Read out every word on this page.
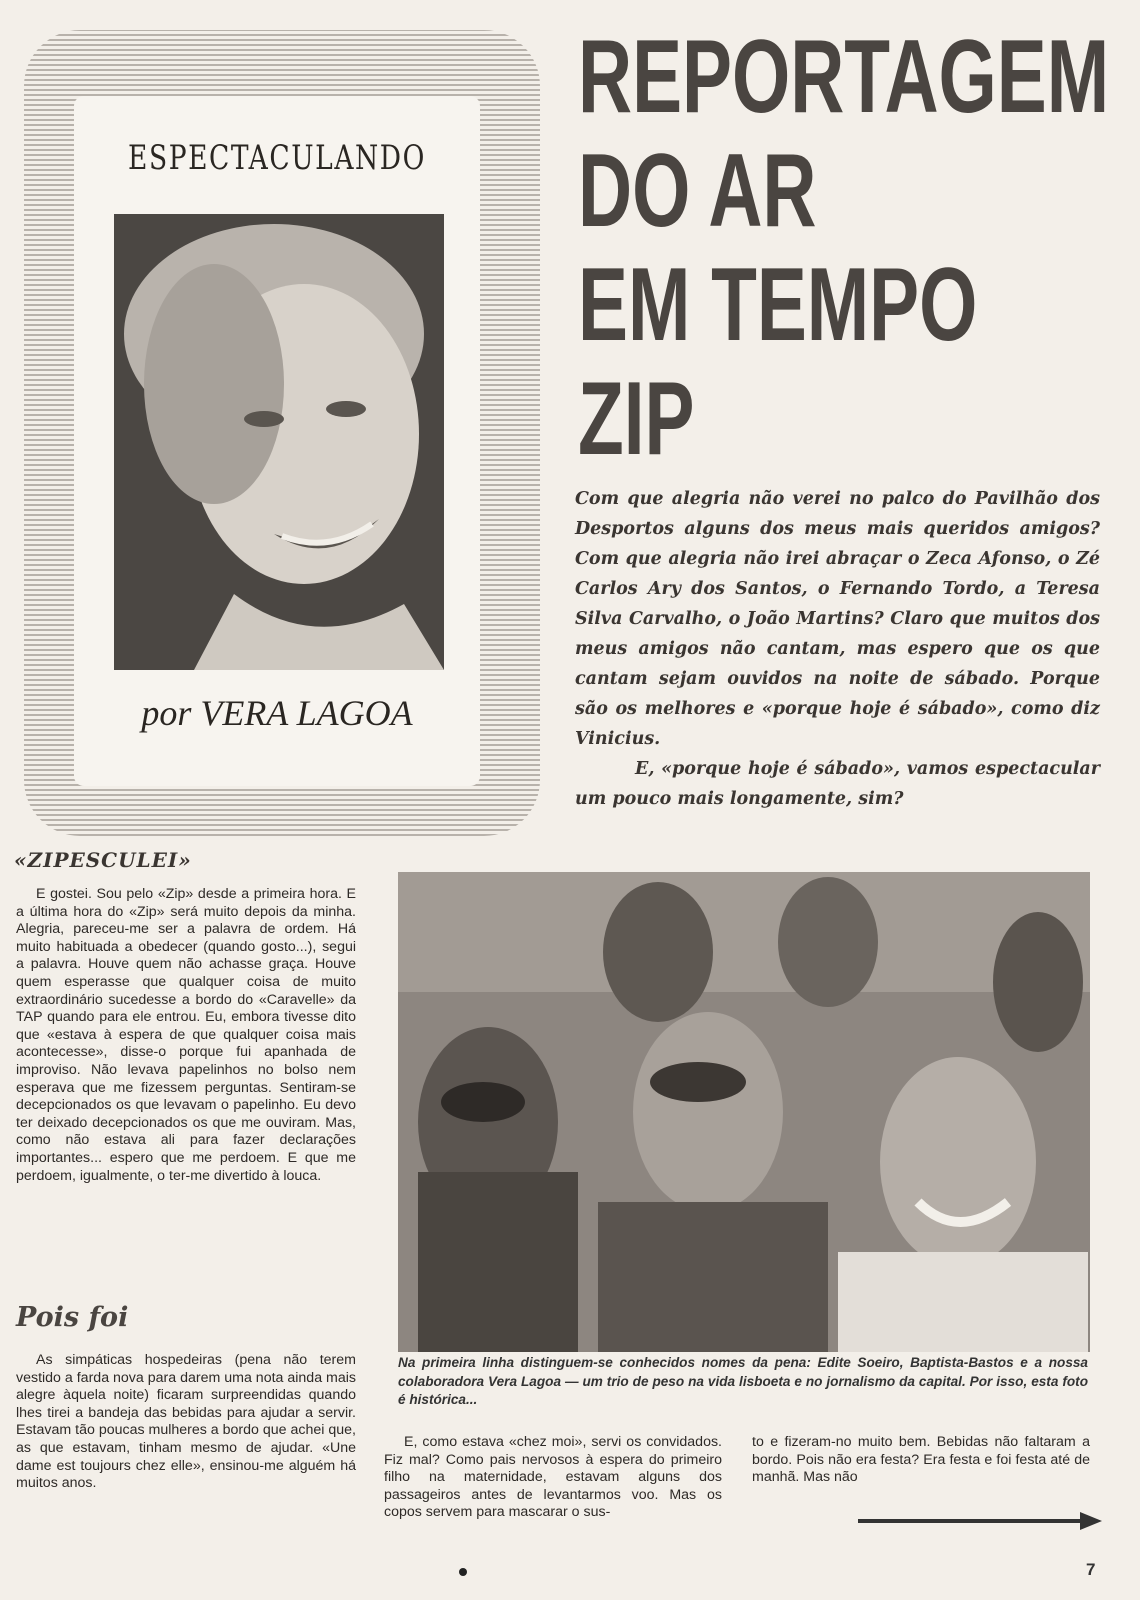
ESPECTACULANDO
por VERA LAGOA
REPORTAGEM
DO AR
EM TEMPO
ZIP

Com que alegria não verei no palco do Pavilhão dos Desportos alguns dos meus mais queridos amigos? Com que alegria não irei abraçar o Zeca Afonso, o Zé Carlos Ary dos Santos, o Fernando Tordo, a Teresa Silva Carvalho, o João Martins? Claro que muitos dos meus amigos não cantam, mas espero que os que cantam sejam ouvidos na noite de sábado. Porque são os melhores e «porque hoje é sábado», como diz Vinicius.

E, «porque hoje é sábado», vamos espectacular um pouco mais longamente, sim?

«ZIPESCULEI»

E gostei. Sou pelo «Zip» desde a primeira hora. E a última hora do «Zip» será muito depois da minha. Alegria, pareceu-me ser a palavra de ordem. Há muito habituada a obedecer (quando gosto...), segui a palavra. Houve quem não achasse graça. Houve quem esperasse que qualquer coisa de muito extraordinário sucedesse a bordo do «Caravelle» da TAP quando para ele entrou. Eu, embora tivesse dito que «estava à espera de que qualquer coisa mais acontecesse», disse-o porque fui apanhada de improviso. Não levava papelinhos no bolso nem esperava que me fizessem perguntas. Sentiram-se decepcionados os que levavam o papelinho. Eu devo ter deixado decepcionados os que me ouviram. Mas, como não estava ali para fazer declarações importantes... espero que me perdoem. E que me perdoem, igualmente, o ter-me divertido à louca.

Pois foi

As simpáticas hospedeiras (pena não terem vestido a farda nova para darem uma nota ainda mais alegre àquela noite) ficaram surpreendidas quando lhes tirei a bandeja das bebidas para ajudar a servir. Estavam tão poucas mulheres a bordo que achei que, as que estavam, tinham mesmo de ajudar. «Une dame est toujours chez elle», ensinou-me alguém há muitos anos.

Na primeira linha distinguem-se conhecidos nomes da pena: Edite Soeiro, Baptista-Bastos e a nossa colaboradora Vera Lagoa — um trio de peso na vida lisboeta e no jornalismo da capital. Por isso, esta foto é histórica...

E, como estava «chez moi», servi os convidados. Fiz mal? Como pais nervosos à espera do primeiro filho na maternidade, estavam alguns dos passageiros antes de levantarmos voo. Mas os copos servem para mascarar o sus-

to e fizeram-no muito bem. Bebidas não faltaram a bordo. Pois não era festa? Era festa e foi festa até de manhã. Mas não

7
